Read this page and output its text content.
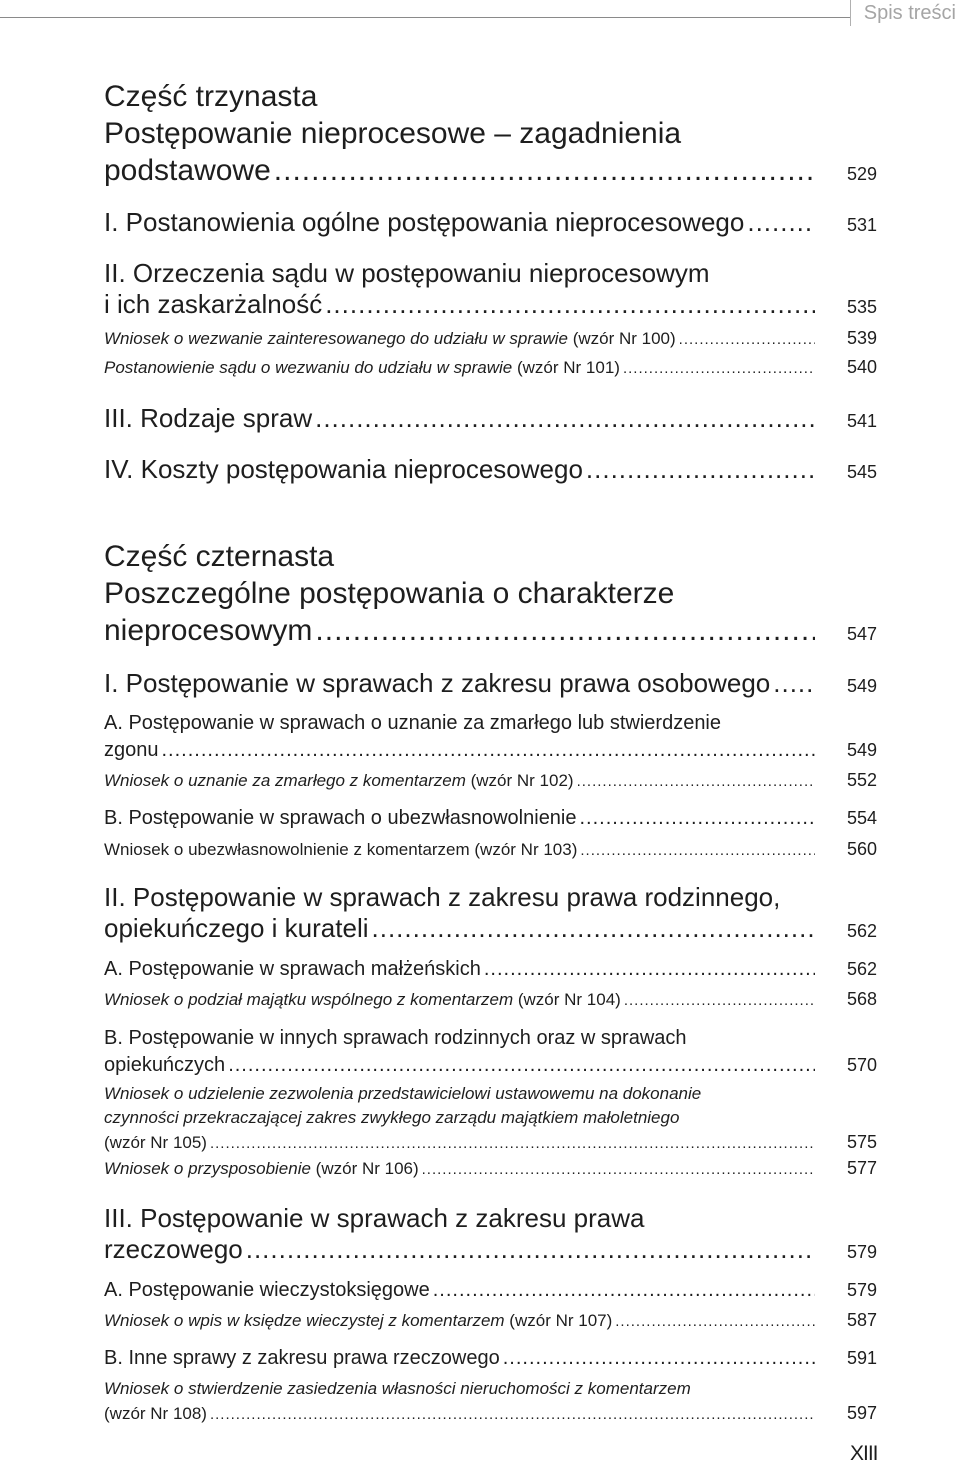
Spis treści
Część trzynasta
Postępowanie nieprocesowe – zagadnienia
podstawowe .....	529
I. Postanowienia ogólne postępowania nieprocesowego .....	531
II. Orzeczenia sądu w postępowaniu nieprocesowym
i ich zaskarżalność .....	535
Wniosek o wezwanie zainteresowanego do udziału w sprawie (wzór Nr 100) .....	539
Postanowienie sądu o wezwaniu do udziału w sprawie (wzór Nr 101) .....	540
III. Rodzaje spraw .....	541
IV. Koszty postępowania nieprocesowego .....	545
Część czternasta
Poszczególne postępowania o charakterze
nieprocesowym .....	547
I. Postępowanie w sprawach z zakresu prawa osobowego .....	549
A. Postępowanie w sprawach o uznanie za zmarłego lub stwierdzenie
zgonu .....	549
Wniosek o uznanie za zmarłego z komentarzem (wzór Nr 102) .....	552
B. Postępowanie w sprawach o ubezwłasnowolnienie .....	554
Wniosek o ubezwłasnowolnienie z komentarzem (wzór Nr 103) .....	560
II. Postępowanie w sprawach z zakresu prawa rodzinnego,
opiekuńczego i kurateli .....	562
A. Postępowanie w sprawach małżeńskich .....	562
Wniosek o podział majątku wspólnego z komentarzem (wzór Nr 104) .....	568
B. Postępowanie w innych sprawach rodzinnych oraz w sprawach
opiekuńczych .....	570
Wniosek o udzielenie zezwolenia przedstawicielowi ustawowemu na dokonanie
czynności przekraczającej zakres zwykłego zarządu majątkiem małoletniego
(wzór Nr 105) .....	575
Wniosek o przysposobienie (wzór Nr 106) .....	577
III. Postępowanie w sprawach z zakresu prawa
rzeczowego .....	579
A. Postępowanie wieczystoksięgowe .....	579
Wniosek o wpis w księdze wieczystej z komentarzem (wzór Nr 107) .....	587
B. Inne sprawy z zakresu prawa rzeczowego .....	591
Wniosek o stwierdzenie zasiedzenia własności nieruchomości z komentarzem
(wzór Nr 108) .....	597
XIII
